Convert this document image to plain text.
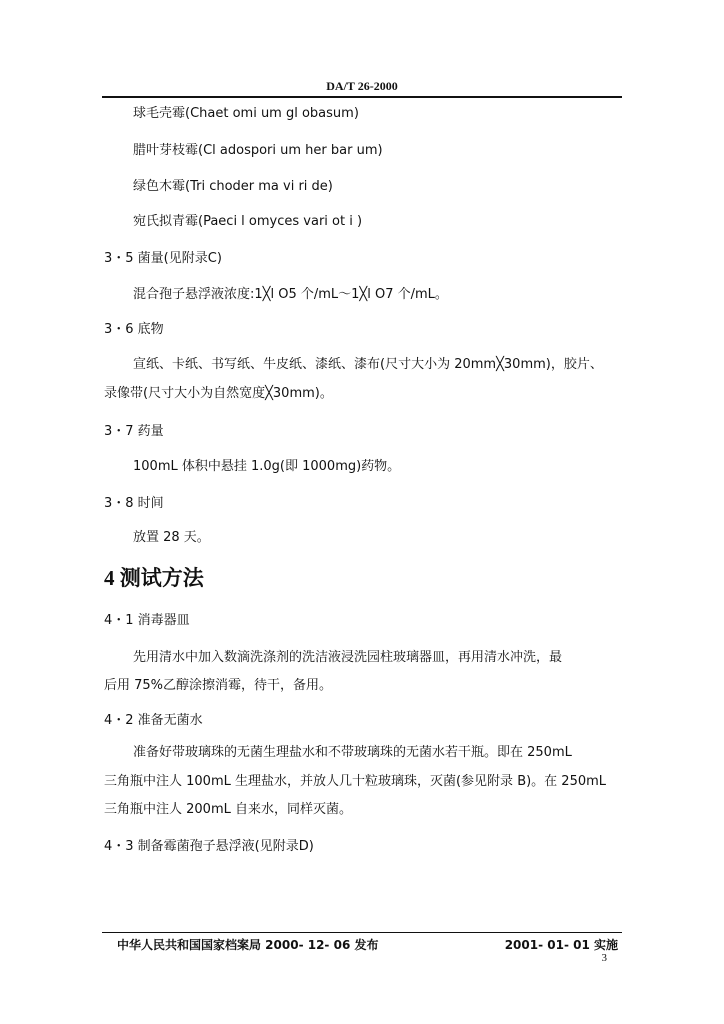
DA/T 26-2000
球毛壳霉(Chaet omi um gl obasum)
腊叶芽枝霉(Cl adospori um her bar um)
绿色木霉(Tri choder ma vi ri de)
宛氏拟青霉(Paeci l omyces vari ot i )
3・5 菌量(见附录C)
混合孢子悬浮液浓度:1╳l O5 个/mL～1╳l O7 个/mL。
3・6 底物
宣纸、卡纸、书写纸、牛皮纸、漆纸、漆布(尺寸大小为 20mm╳30mm)，胶片、
录像带(尺寸大小为自然宽度╳30mm)。
3・7 药量
100mL 体积中悬挂 1.0g(即 1000mg)药物。
3・8 时间
放置 28 天。
4 测试方法
4・1 消毒器皿
先用清水中加入数滴洗涤剂的洗洁液浸洗园柱玻璃器皿，再用清水冲洗，最
后用 75%乙醇涂擦消霉，待干，备用。
4・2 准备无菌水
准备好带玻璃珠的无菌生理盐水和不带玻璃珠的无菌水若干瓶。即在 250mL
三角瓶中注人 100mL 生理盐水，并放人几十粒玻璃珠，灭菌(参见附录 B)。在 250mL
三角瓶中注人 200mL 自来水，同样灭菌。
4・3 制备霉菌孢子悬浮液(见附录D)
中华人民共和国国家档案局 2000- 12- 06 发布	2001- 01- 01 实施
3
